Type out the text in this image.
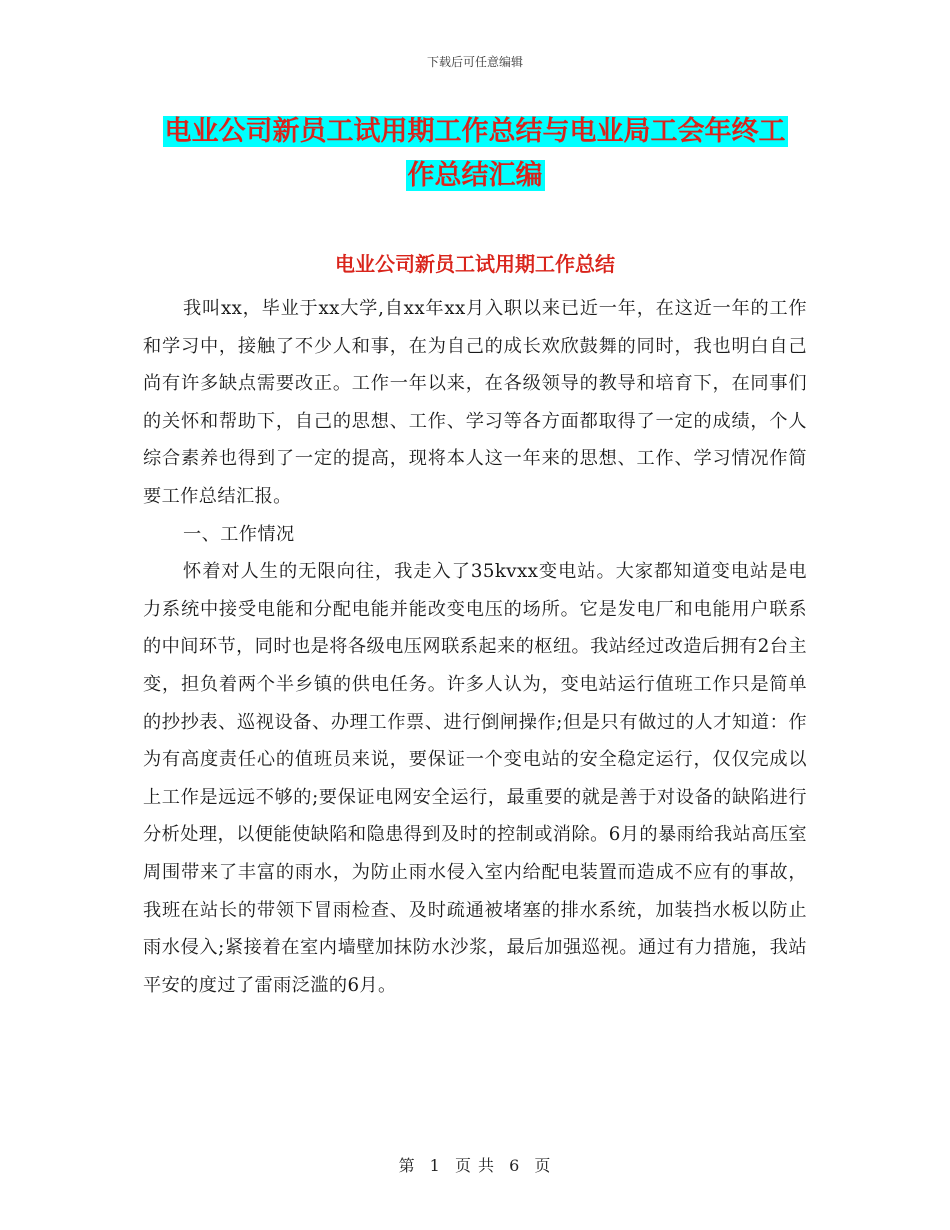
下载后可任意编辑
电业公司新员工试用期工作总结与电业局工会年终工
作总结汇编
电业公司新员工试用期工作总结

我叫xx，毕业于xx大学,自xx年xx月入职以来已近一年，在这近一年的工作和学习中，接触了不少人和事，在为自己的成长欢欣鼓舞的同时，我也明白自己尚有许多缺点需要改正。工作一年以来，在各级领导的教导和培育下，在同事们的关怀和帮助下，自己的思想、工作、学习等各方面都取得了一定的成绩，个人综合素养也得到了一定的提高，现将本人这一年来的思想、工作、学习情况作简要工作总结汇报。

一、工作情况

怀着对人生的无限向往，我走入了35kvxx变电站。大家都知道变电站是电力系统中接受电能和分配电能并能改变电压的场所。它是发电厂和电能用户联系的中间环节，同时也是将各级电压网联系起来的枢纽。我站经过改造后拥有2台主变，担负着两个半乡镇的供电任务。许多人认为，变电站运行值班工作只是简单的抄抄表、巡视设备、办理工作票、进行倒闸操作;但是只有做过的人才知道：作为有高度责任心的值班员来说，要保证一个变电站的安全稳定运行，仅仅完成以上工作是远远不够的;要保证电网安全运行，最重要的就是善于对设备的缺陷进行分析处理，以便能使缺陷和隐患得到及时的控制或消除。6月的暴雨给我站高压室周围带来了丰富的雨水，为防止雨水侵入室内给配电装置而造成不应有的事故，我班在站长的带领下冒雨检查、及时疏通被堵塞的排水系统，加装挡水板以防止雨水侵入;紧接着在室内墙壁加抹防水沙浆，最后加强巡视。通过有力措施，我站平安的度过了雷雨泛滥的6月。

第 1 页 共 6 页
